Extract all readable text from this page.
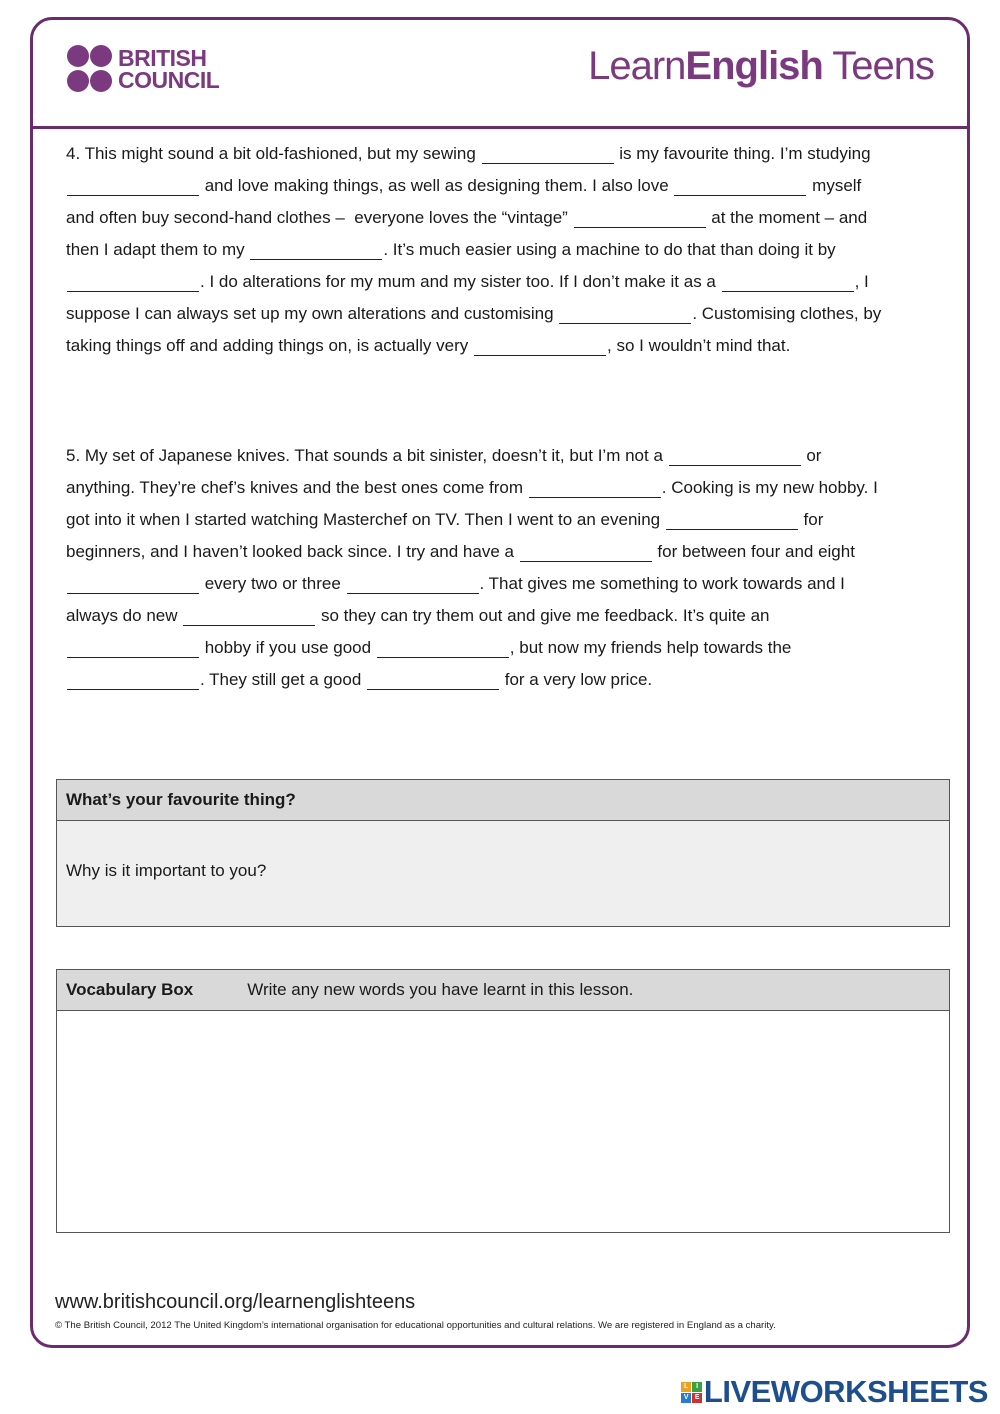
BRITISH
COUNCIL	LearnEnglish Teens
4. This might sound a bit old-fashioned, but my sewing	is my favourite thing. I’m studying
and love making things, as well as designing them. I also love	myself
and often buy second-hand clothes –  everyone loves the “vintage”	at the moment – and
then I adapt them to my	. It’s much easier using a machine to do that than doing it by
. I do alterations for my mum and my sister too. If I don’t make it as a	, I
suppose I can always set up my own alterations and customising	. Customising clothes, by
taking things off and adding things on, is actually very	, so I wouldn’t mind that.
5. My set of Japanese knives. That sounds a bit sinister, doesn’t it, but I’m not a	or
anything. They’re chef’s knives and the best ones come from	. Cooking is my new hobby. I
got into it when I started watching Masterchef on TV. Then I went to an evening	for
beginners, and I haven’t looked back since. I try and have a	for between four and eight
every two or three	. That gives me something to work towards and I
always do new	so they can try them out and give me feedback. It’s quite an
hobby if you use good	, but now my friends help towards the
. They still get a good	for a very low price.
What’s your favourite thing?
Why is it important to you?
Vocabulary Box	Write any new words you have learnt in this lesson.
www.britishcouncil.org/learnenglishteens
© The British Council, 2012 The United Kingdom’s international organisation for educational opportunities and cultural relations. We are registered in England as a charity.
L	I
V E LIVEWORKSHEETS
